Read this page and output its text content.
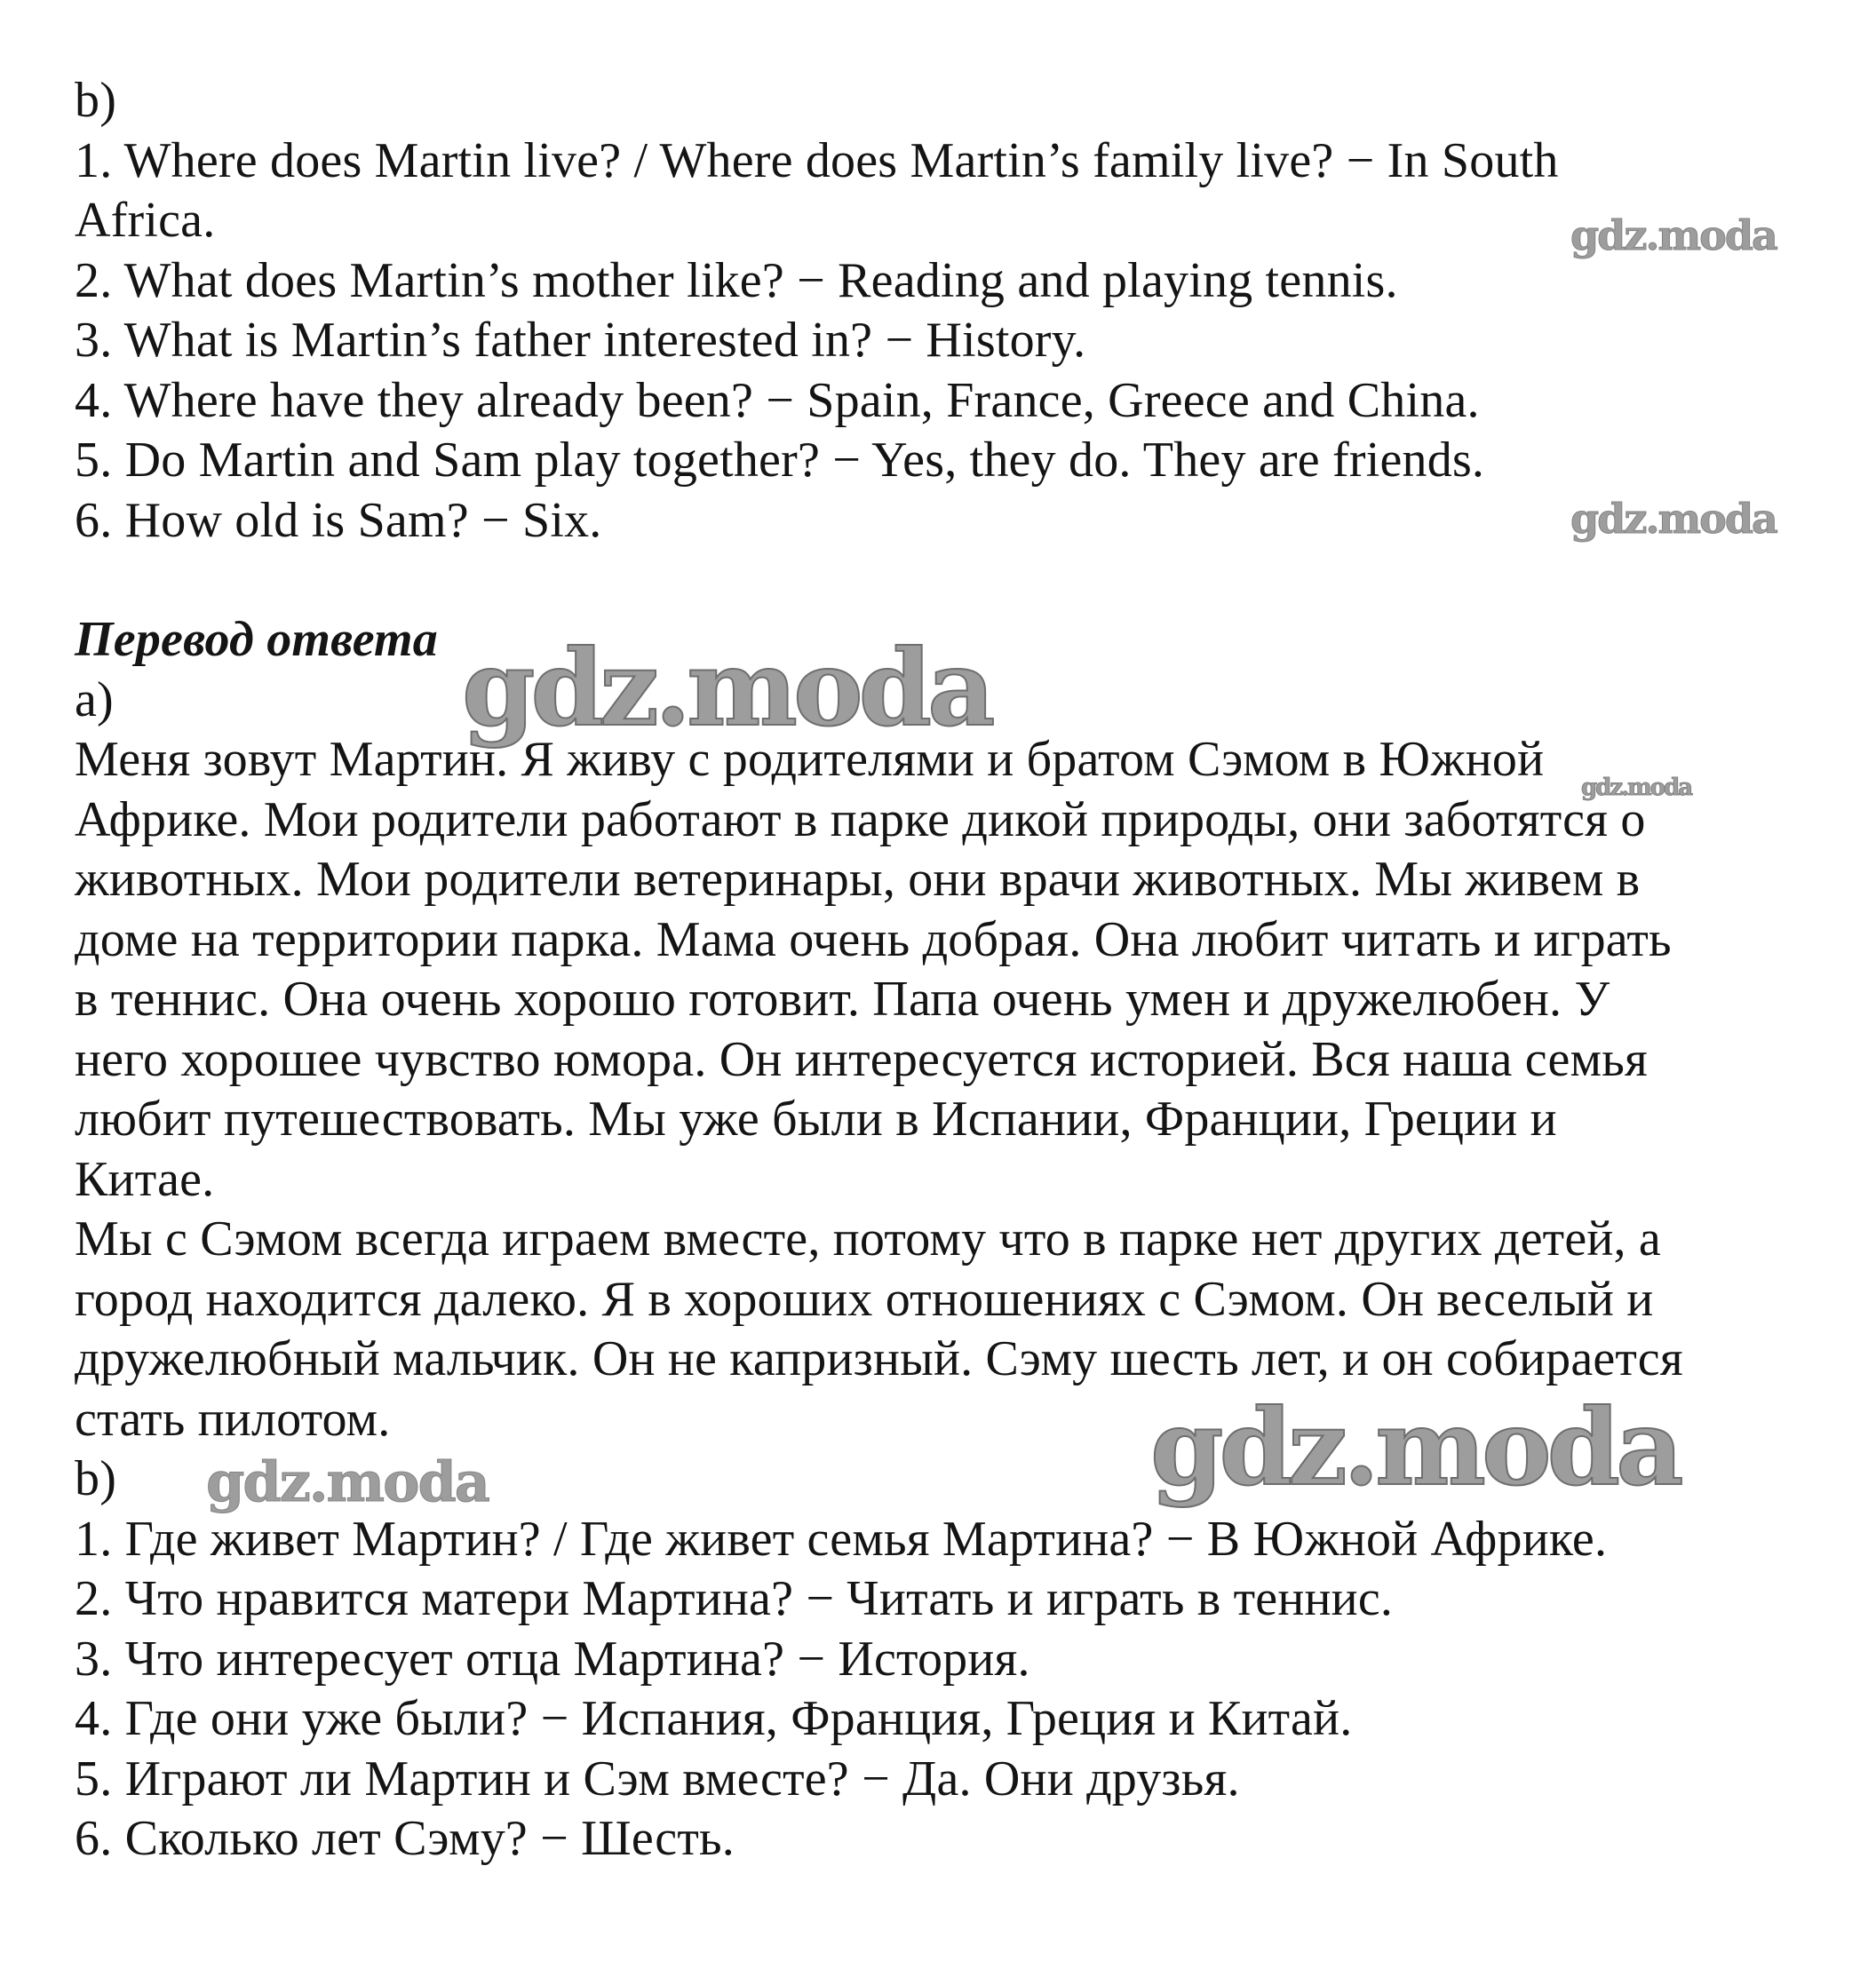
b)
1. Where does Martin live? / Where does Martin’s family live? − In South
Africa.
2. What does Martin’s mother like? − Reading and playing tennis.
3. What is Martin’s father interested in? − History.
4. Where have they already been? − Spain, France, Greece and China.
5. Do Martin and Sam play together? − Yes, they do. They are friends.
6. How old is Sam? − Six.
Перевод ответа
а)
Меня зовут Мартин. Я живу с родителями и братом Сэмом в Южной
Африке. Мои родители работают в парке дикой природы, они заботятся о
животных. Мои родители ветеринары, они врачи животных. Мы живем в
доме на территории парка. Мама очень добрая. Она любит читать и играть
в теннис. Она очень хорошо готовит. Папа очень умен и дружелюбен. У
него хорошее чувство юмора. Он интересуется историей. Вся наша семья
любит путешествовать. Мы уже были в Испании, Франции, Греции и
Китае.
Мы с Сэмом всегда играем вместе, потому что в парке нет других детей, а
город находится далеко. Я в хороших отношениях с Сэмом. Он веселый и
дружелюбный мальчик. Он не капризный. Сэму шесть лет, и он собирается
стать пилотом.
b)
1. Где живет Мартин? / Где живет семья Мартина? − В Южной Африке.
2. Что нравится матери Мартина? − Читать и играть в теннис.
3. Что интересует отца Мартина? − История.
4. Где они уже были? − Испания, Франция, Греция и Китай.
5. Играют ли Мартин и Сэм вместе? − Да. Они друзья.
6. Сколько лет Сэму? − Шесть.
gdz.moda
gdz.moda
gdz.moda
gdz.moda
gdz.moda
gdz.moda
